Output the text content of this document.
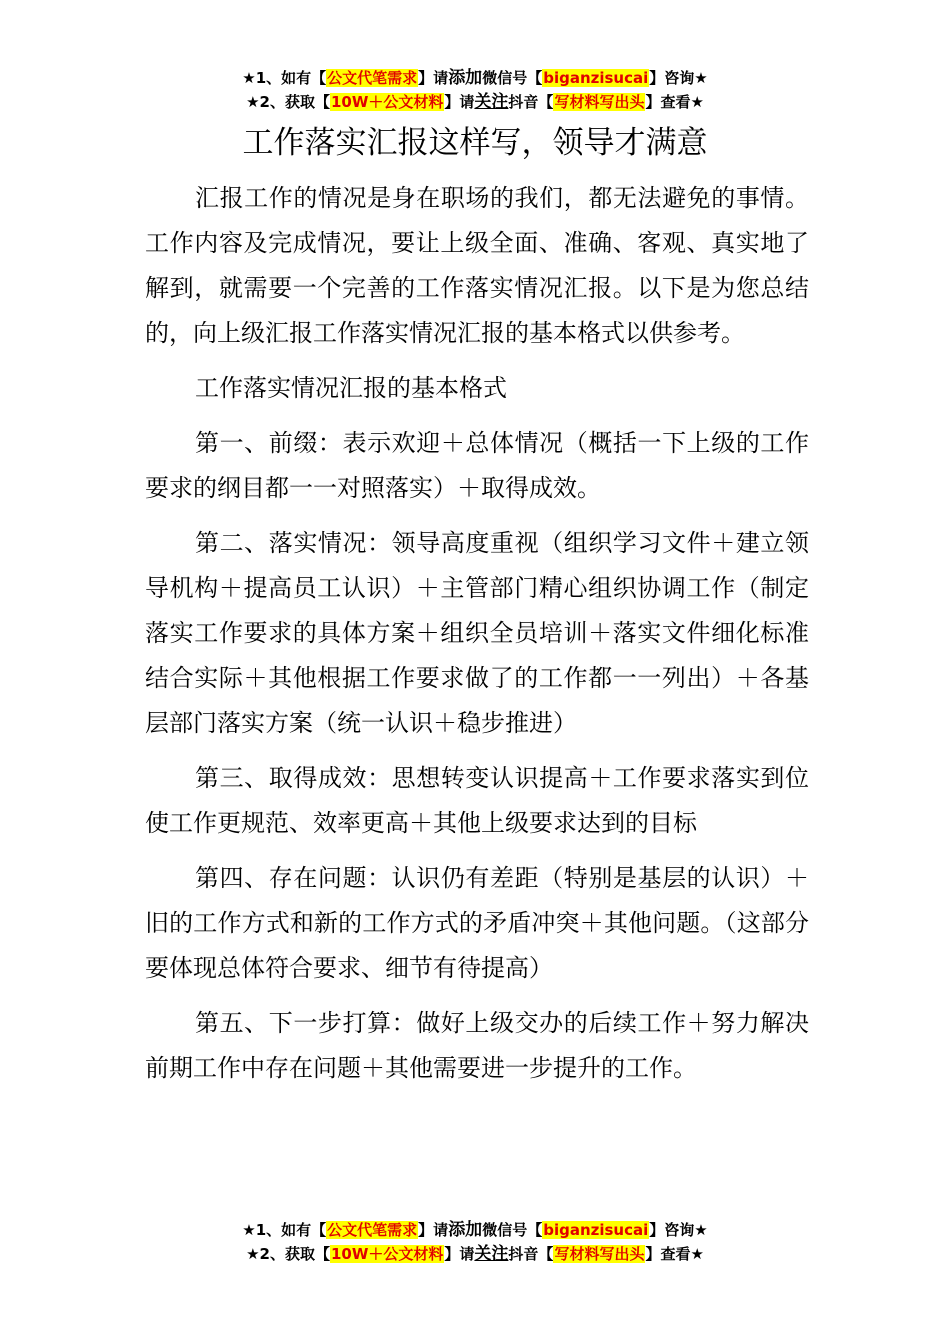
★1、如有【公文代笔需求】请添加微信号【biganzisucai】咨询★
★2、获取【10W＋公文材料】请关注抖音【写材料写出头】查看★
工作落实汇报这样写，领导才满意

汇报工作的情况是身在职场的我们，都无法避免的事情。工作内容及完成情况，要让上级全面、准确、客观、真实地了解到，就需要一个完善的工作落实情况汇报。以下是为您总结的，向上级汇报工作落实情况汇报的基本格式以供参考。

工作落实情况汇报的基本格式

第一、前缀：表示欢迎＋总体情况（概括一下上级的工作要求的纲目都一一对照落实）＋取得成效。

第二、落实情况：领导高度重视（组织学习文件＋建立领导机构＋提高员工认识）＋主管部门精心组织协调工作（制定落实工作要求的具体方案＋组织全员培训＋落实文件细化标准结合实际＋其他根据工作要求做了的工作都一一列出）＋各基层部门落实方案（统一认识＋稳步推进）

第三、取得成效：思想转变认识提高＋工作要求落实到位使工作更规范、效率更高＋其他上级要求达到的目标

第四、存在问题：认识仍有差距（特别是基层的认识）＋旧的工作方式和新的工作方式的矛盾冲突＋其他问题。（这部分要体现总体符合要求、细节有待提高）

第五、下一步打算：做好上级交办的后续工作＋努力解决前期工作中存在问题＋其他需要进一步提升的工作。

★1、如有【公文代笔需求】请添加微信号【biganzisucai】咨询★
★2、获取【10W＋公文材料】请关注抖音【写材料写出头】查看★
